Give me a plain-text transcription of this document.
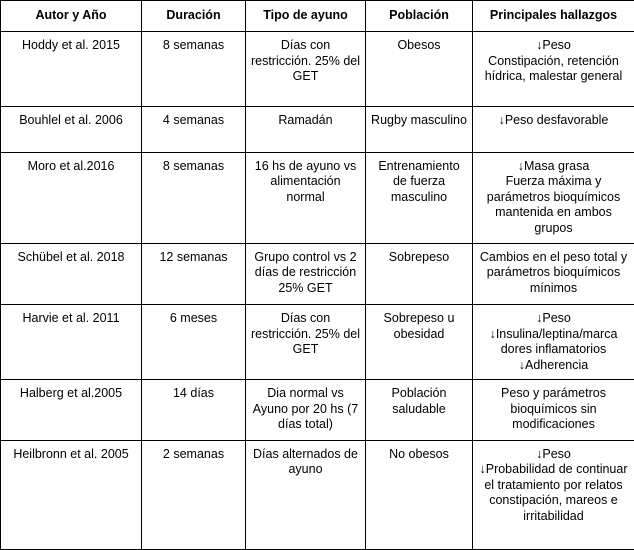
Autor y Año	Duración	Tipo de ayuno	Población	Principales hallazgos
Hoddy et al. 2015	8 semanas	Días con restricción. 25% del GET	Obesos	↓Peso
Constipación, retención hídrica, malestar general

Bouhlel et al. 2006	4 semanas	Ramadán	Rugby masculino	↓Peso desfavorable

Moro et al.2016	8 semanas	16 hs de ayuno vs alimentación normal	Entrenamiento de fuerza masculino	↓Masa grasa
Fuerza máxima y parámetros bioquímicos mantenida en ambos grupos

Schübel et al. 2018	12 semanas	Grupo control vs 2 días de restricción 25% GET	Sobrepeso	Cambios en el peso total y parámetros bioquímicos mínimos

Harvie et al. 2011	6 meses	Días con restricción. 25% del GET	Sobrepeso u obesidad	↓Peso
↓Insulina/leptina/marca dores inflamatorios
↓Adherencia

Halberg et al.2005	14 días	Dia normal vs Ayuno por 20 hs (7 días total)	Población saludable	Peso y parámetros bioquímicos sin modificaciones

Heilbronn et al. 2005	2 semanas	Días alternados de ayuno	No obesos	↓Peso
↓Probabilidad de continuar el tratamiento por relatos constipación, mareos e irritabilidad
